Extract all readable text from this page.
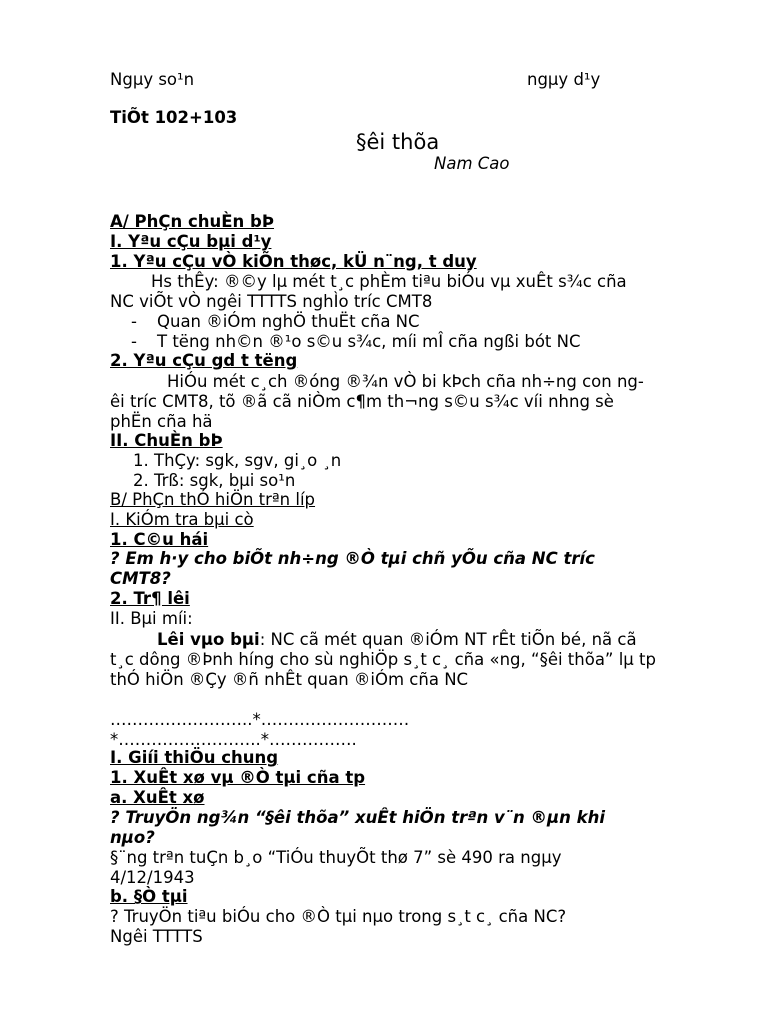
Ngµy so¹n	ngµy d¹y
TiÕt 102+103
§êi thõa
Nam Cao
A/ PhÇn chuÈn bÞ
I. Yªu cÇu bµi d¹y
1. Yªu cÇu vÒ kiÕn thøc, kÜ n¨ng, t duy
Hs thÊy: ®©y lµ mét t¸c phÈm tiªu biÓu vµ xuÊt s¾c cña
NC viÕt vÒ ngêi TTTTS nghÌo tríc CMT8
- Quan ®iÓm nghÖ thuËt cña NC
- T tëng nh©n ®¹o s©u s¾c, míi mÎ cña ngßi bót NC
2. Yªu cÇu gd t tëng
HiÓu mét c¸ch ®óng ®¾n vÒ bi kÞch cña nh÷ng con ng-
êi tríc CMT8, tõ ®ã cã niÒm c¶m th¬ng s©u s¾c víi nhng sè
phËn cña hä
II. ChuÈn bÞ
1. ThÇy: sgk, sgv, gi¸o ¸n
2. Trß: sgk, bµi so¹n
B/ PhÇn thÓ hiÖn trªn líp
I. KiÓm tra bµi cò
1. C©u hái
? Em h·y cho biÕt nh÷ng ®Ò tµi chñ yÕu cña NC tríc
CMT8?
2. Tr¶ lêi
II. Bµi míi:
Lêi vµo bµi: NC cã mét quan ®iÓm NT rÊt tiÕn bé, nã cã
t¸c dông ®Þnh híng cho sù nghiÖp s¸t c¸ cña «ng, “§êi thõa” lµ tp
thÓ hiÖn ®Çy ®ñ nhÊt quan ®iÓm cña NC
……………………..*………………………
*……………………..*…………….
I. Giíi thiÖu chung
1. XuÊt xø vµ ®Ò tµi cña tp
a. XuÊt xø
? TruyÖn ng¾n “§êi thõa” xuÊt hiÖn trªn v¨n ®µn khi
nµo?
§¨ng trªn tuÇn b¸o “TiÓu thuyÕt thø 7” sè 490 ra ngµy
4/12/1943
b. §Ò tµi
? TruyÖn tiªu biÓu cho ®Ò tµi nµo trong s¸t c¸ cña NC?
Ngêi TTTTS
